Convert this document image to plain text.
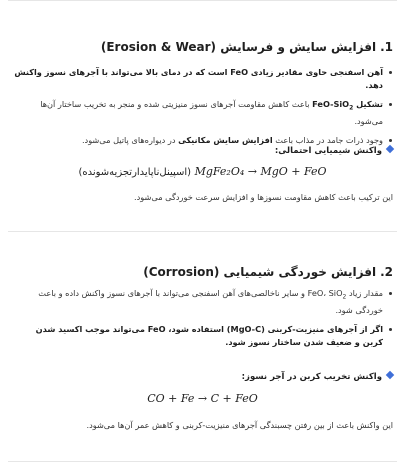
1.افزایش سایش و فرسایش (Erosion & Wear)
آهن اسفنجی حاوی مقادیر زیادی FeO است که در دمای بالا می‌تواند با آجرهای نسوز واکنش دهد.
تشکیل FeO-SiO$_2$ باعث کاهش مقاومت آجرهای نسوز منیزیتی شده و منجر به تخریب ساختار آن‌ها می‌شود.
وجود ذرات جامد در مذاب باعث افزایش سایش مکانیکی در دیواره‌های پاتیل می‌شود.
واکنش شیمیایی احتمالی:
(اسپینل‌ناپایدارتجزیه‌شونده) MgFe₂O₄ → MgO + FeO
این ترکیب باعث کاهش مقاومت نسوزها و افزایش سرعت خوردگی می‌شود.
2.افزایش خوردگی شیمیایی (Corrosion)
مقدار زیاد FeO، SiO$_2$ و سایر ناخالصی‌های آهن اسفنجی می‌تواند با آجرهای نسوز واکنش داده و باعث خوردگی شود.
اگر از آجرهای منیزیت-کربنی (MgO-C) استفاده شود، FeO می‌تواند موجب اکسید شدن کربن و ضعیف شدن ساختار نسوز شود.
واکنش تخریب کربن در آجر نسوز:
CO + Fe → C + FeO
این واکنش باعث از بین رفتن چسبندگی آجرهای منیزیت-کربنی و کاهش عمر آن‌ها می‌شود.
